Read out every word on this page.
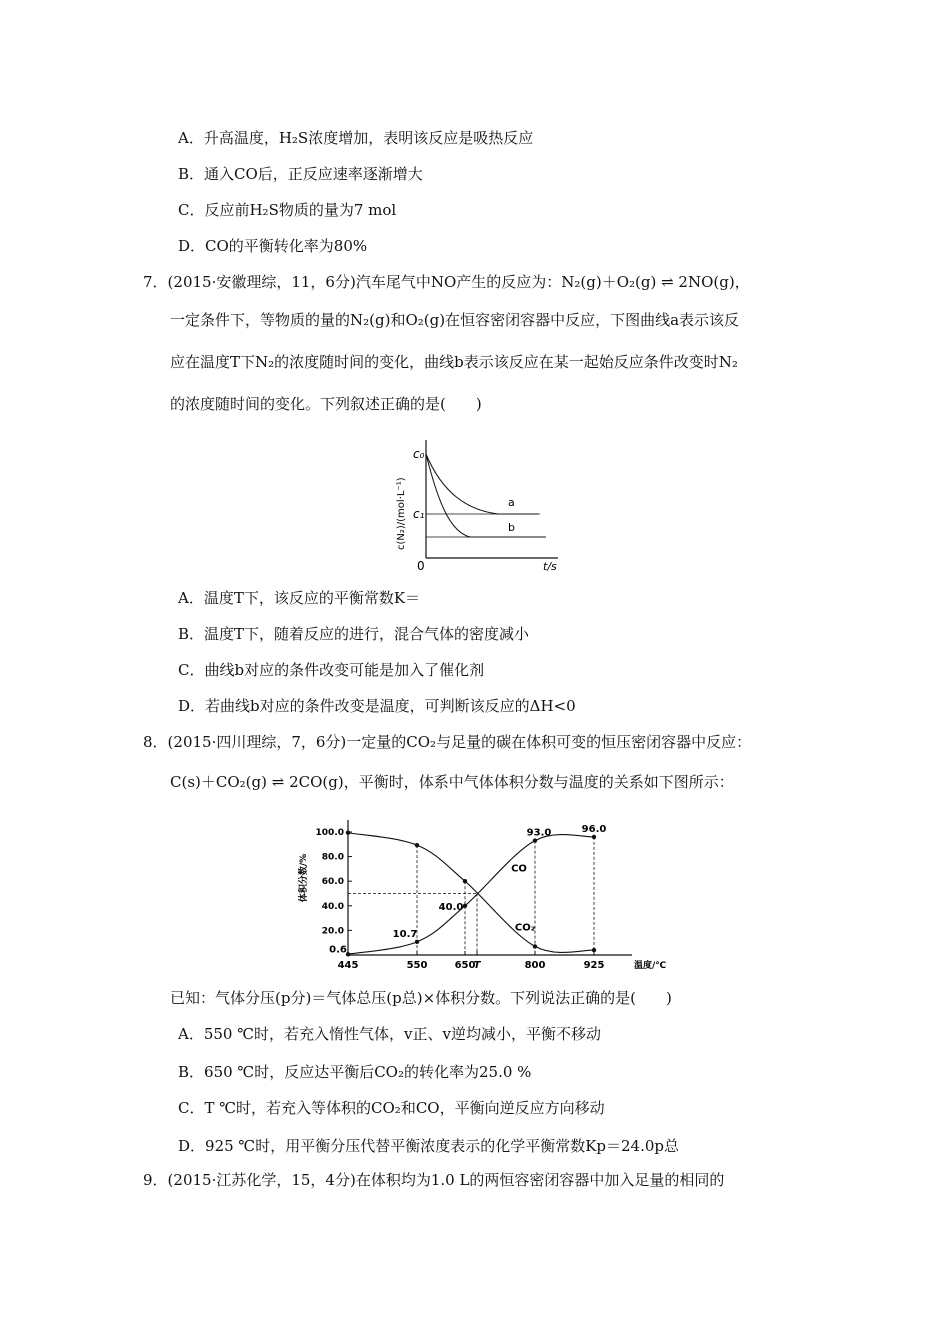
A．升高温度，H₂S浓度增加，表明该反应是吸热反应
B．通入CO后，正反应速率逐渐增大
C．反应前H₂S物质的量为7 mol
D．CO的平衡转化率为80%
7．(2015·安徽理综，11，6分)汽车尾气中NO产生的反应为：N₂(g)＋O₂(g) ⇌ 2NO(g)，
一定条件下，等物质的量的N₂(g)和O₂(g)在恒容密闭容器中反应，下图曲线a表示该反
应在温度T下N₂的浓度随时间的变化，曲线b表示该反应在某一起始反应条件改变时N₂
的浓度随时间的变化。下列叙述正确的是(　　)
c₀
c₁
a
b
0	t/s
c(N₂)/(mol·L⁻¹)
A．温度T下，该反应的平衡常数K＝
B．温度T下，随着反应的进行，混合气体的密度减小
C．曲线b对应的条件改变可能是加入了催化剂
D．若曲线b对应的条件改变是温度，可判断该反应的ΔH<0
8．(2015·四川理综，7，6分)一定量的CO₂与足量的碳在体积可变的恒压密闭容器中反应：
C(s)＋CO₂(g) ⇌ 2CO(g)，平衡时，体系中气体体积分数与温度的关系如下图所示：
20.0
40.0
60.0
80.0
100.0
445	550	650
T	800	925	温度/℃
体积分数/%
0.6
10.7
40.0
93.0	96.0
CO
CO₂
已知：气体分压(p分)＝气体总压(p总)×体积分数。下列说法正确的是(　　)
A．550 ℃时，若充入惰性气体，v正、v逆均减小，平衡不移动
B．650 ℃时，反应达平衡后CO₂的转化率为25.0 %
C．T ℃时，若充入等体积的CO₂和CO，平衡向逆反应方向移动
D．925 ℃时，用平衡分压代替平衡浓度表示的化学平衡常数Kp＝24.0p总
9．(2015·江苏化学，15，4分)在体积均为1.0 L的两恒容密闭容器中加入足量的相同的
